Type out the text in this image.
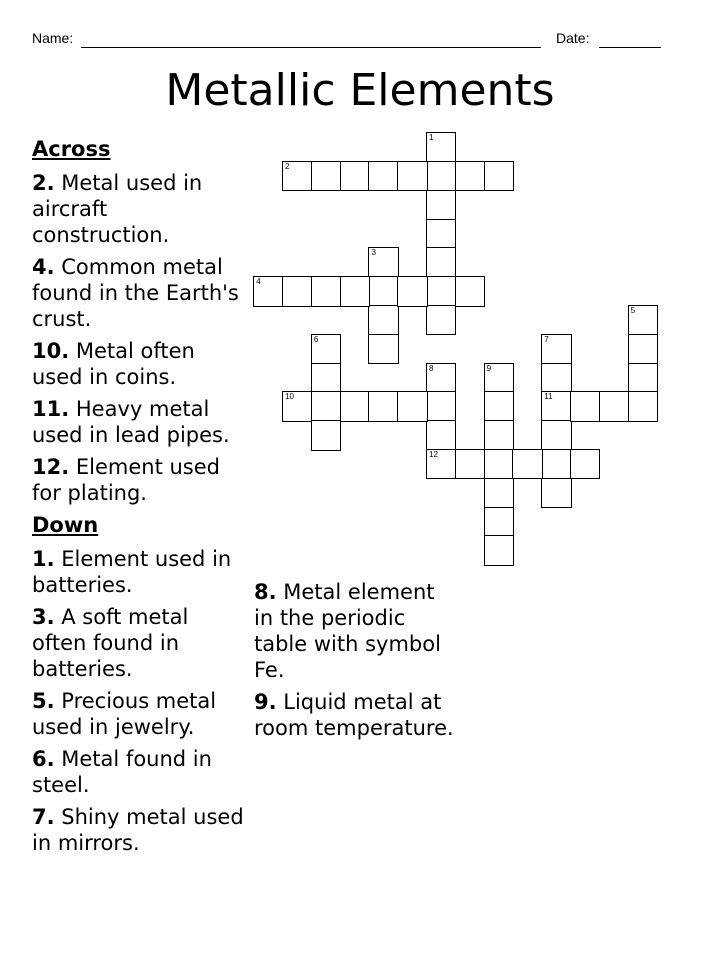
Name:	Date:
Metallic Elements
Across
2. Metal used in aircraft construction.
4. Common metal found in the Earth's crust.
10. Metal often used in coins.
11. Heavy metal used in lead pipes.
12. Element used for plating.
Down
1. Element used in batteries.
3. A soft metal often found in batteries.
5. Precious metal used in jewelry.
6. Metal found in steel.
7. Shiny metal used in mirrors.
8. Metal element in the periodic table with symbol Fe.
9. Liquid metal at room temperature.
1
2
3
4
5
6	7
11
8
12
9
10
